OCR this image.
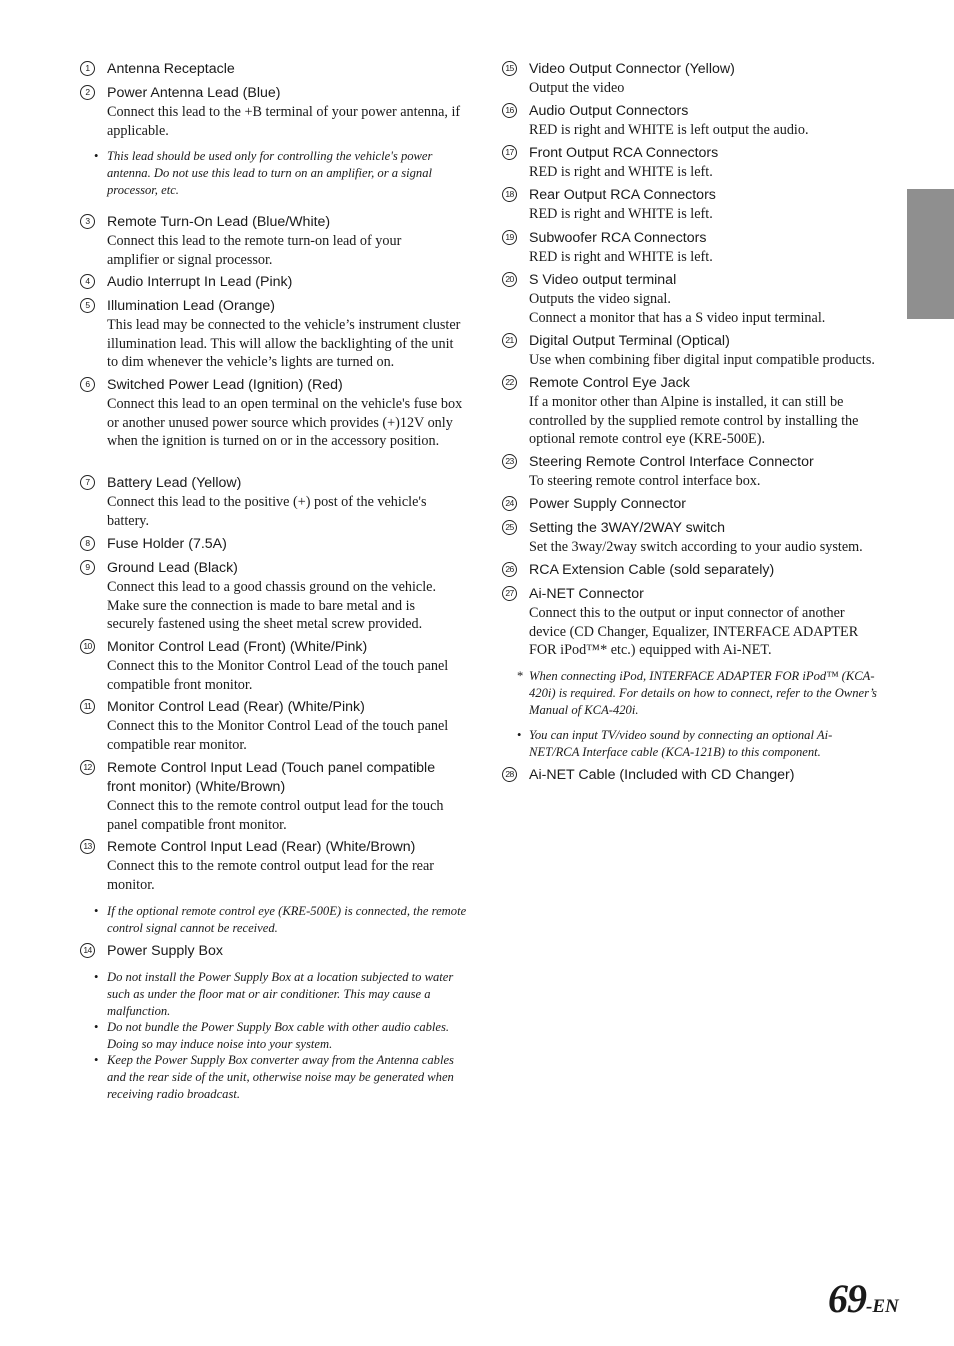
1	Antenna Receptacle
2	Power Antenna Lead (Blue)
Connect this lead to the +B terminal of your power antenna, if applicable.
• This lead should be used only for controlling the vehicle's power antenna. Do not use this lead to turn on an amplifier, or a signal processor, etc.
3	Remote Turn-On Lead (Blue/White)
Connect this lead to the remote turn-on lead of your amplifier or signal processor.
4	Audio Interrupt In Lead (Pink)
5	Illumination Lead (Orange)
This lead may be connected to the vehicle’s instrument cluster illumination lead. This will allow the backlighting of the unit to dim whenever the vehicle’s lights are turned on.
6	Switched Power Lead (Ignition) (Red)
Connect this lead to an open terminal on the vehicle's fuse box or another unused power source which provides (+)12V only when the ignition is turned on or in the accessory position.
7	Battery Lead (Yellow)
Connect this lead to the positive (+) post of the vehicle's battery.
8	Fuse Holder (7.5A)
9	Ground Lead (Black)
Connect this lead to a good chassis ground on the vehicle. Make sure the connection is made to bare metal and is securely fastened using the sheet metal screw provided.
10 Monitor Control Lead (Front) (White/Pink)
Connect this to the Monitor Control Lead of the touch panel compatible front monitor.
11 Monitor Control Lead (Rear) (White/Pink)
Connect this to the Monitor Control Lead of the touch panel compatible rear monitor.
12 Remote Control Input Lead (Touch panel compatible
front monitor) (White/Brown)
Connect this to the remote control output lead for the touch panel compatible front monitor.
13 Remote Control Input Lead (Rear) (White/Brown)
Connect this to the remote control output lead for the rear monitor.
• If the optional remote control eye (KRE-500E) is connected, the remote control signal cannot be received.
14 Power Supply Box
• Do not install the Power Supply Box at a location subjected to water such as under the floor mat or air conditioner. This may cause a malfunction.
• Do not bundle the Power Supply Box cable with other audio cables. Doing so may induce noise into your system.
• Keep the Power Supply Box converter away from the Antenna cables and the rear side of the unit, otherwise noise may be generated when receiving radio broadcast.
15 Video Output Connector (Yellow)
Output the video
16 Audio Output Connectors
RED is right and WHITE is left output the audio.
17 Front Output RCA Connectors
RED is right and WHITE is left.
18 Rear Output RCA Connectors
RED is right and WHITE is left.
19 Subwoofer RCA Connectors
RED is right and WHITE is left.
20 S Video output terminal
Outputs the video signal.
Connect a monitor that has a S video input terminal.
21 Digital Output Terminal (Optical)
Use when combining fiber digital input compatible products.
22 Remote Control Eye Jack
If a monitor other than Alpine is installed, it can still be controlled by the supplied remote control by installing the optional remote control eye (KRE-500E).
23 Steering Remote Control Interface Connector
To steering remote control interface box.
24 Power Supply Connector
25 Setting the 3WAY/2WAY switch
Set the 3way/2way switch according to your audio system.
26 RCA Extension Cable (sold separately)
27 Ai-NET Connector
Connect this to the output or input connector of another device (CD Changer, Equalizer, INTERFACE ADAPTER FOR iPod™* etc.) equipped with Ai-NET.
* When connecting iPod, INTERFACE ADAPTER FOR iPod™ (KCA-420i) is required. For details on how to connect, refer to the Owner’s Manual of KCA-420i.
• You can input TV/video sound by connecting an optional Ai-NET/RCA Interface cable (KCA-121B) to this component.
28 Ai-NET Cable (Included with CD Changer)
69-EN
